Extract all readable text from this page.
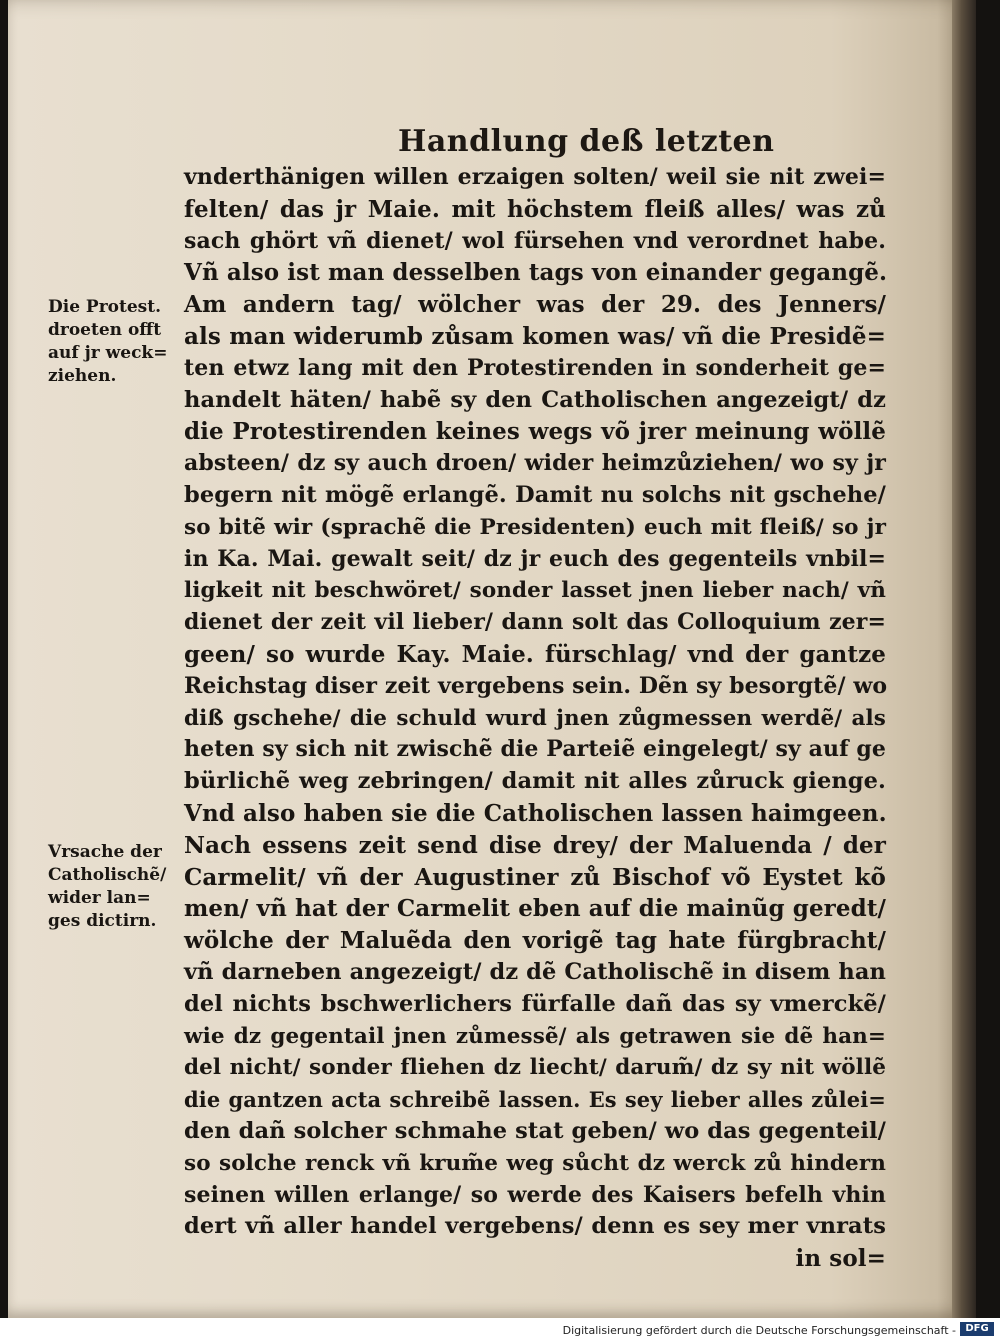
Handlung deß letzten
vnderthänigen willen erzaigen solten/ weil sie nit zwei=
felten/ das jr Maie. mit höchstem fleiß alles/ was zů
sach ghört vñ dienet/ wol fürsehen vnd verordnet habe.
Vñ also ist man desselben tags von einander gegangẽ.
Am andern tag/ wölcher was der 29. des Jenners/
als man widerumb zůsam komen was/ vñ die Presidẽ=
ten etwz lang mit den Protestirenden in sonderheit ge=
handelt häten/ habẽ sy den Catholischen angezeigt/ dz
die Protestirenden keines wegs võ jrer meinung wöllẽ
absteen/ dz sy auch droen/ wider heimzůziehen/ wo sy jr
begern nit mögẽ erlangẽ. Damit nu solchs nit gschehe/
so bitẽ wir (sprachẽ die Presidenten) euch mit fleiß/ so jr
in Ka. Mai. gewalt seit/ dz jr euch des gegenteils vnbil=
ligkeit nit beschwöret/ sonder lasset jnen lieber nach/ vñ
dienet der zeit vil lieber/ dann solt das Colloquium zer=
geen/ so wurde Kay. Maie. fürschlag/ vnd der gantze
Reichstag diser zeit vergebens sein. Dẽn sy besorgtẽ/ wo
diß gschehe/ die schuld wurd jnen zůgmessen werdẽ/ als
heten sy sich nit zwischẽ die Parteiẽ eingelegt/ sy auf ge
bürlichẽ weg zebringen/ damit nit alles zůruck gienge.
Vnd also haben sie die Catholischen lassen haimgeen.
Nach essens zeit send dise drey/ der Maluenda / der
Carmelit/ vñ der Augustiner zů Bischof võ Eystet kõ
men/ vñ hat der Carmelit eben auf die mainũg geredt/
wölche der Maluẽda den vorigẽ tag hate fürgbracht/
vñ darneben angezeigt/ dz dẽ Catholischẽ in disem han
del nichts bschwerlichers fürfalle dañ das sy vmerckẽ/
wie dz gegentail jnen zůmessẽ/ als getrawen sie dẽ han=
del nicht/ sonder fliehen dz liecht/ darum̃/ dz sy nit wöllẽ
die gantzen acta schreibẽ lassen. Es sey lieber alles zůlei=
den dañ solcher schmahe stat geben/ wo das gegenteil/
so solche renck vñ krum̃e weg sůcht dz werck zů hindern
seinen willen erlange/ so werde des Kaisers befelh vhin
dert vñ aller handel vergebens/ denn es sey mer vnrats
in sol=
Die Protest.
droeten offt
auf jr weck=
ziehen.
Vrsache der
Catholischẽ/
wider lan=
ges dictirn.
Digitalisierung gefördert durch die Deutsche Forschungsgemeinschaft - DFG
